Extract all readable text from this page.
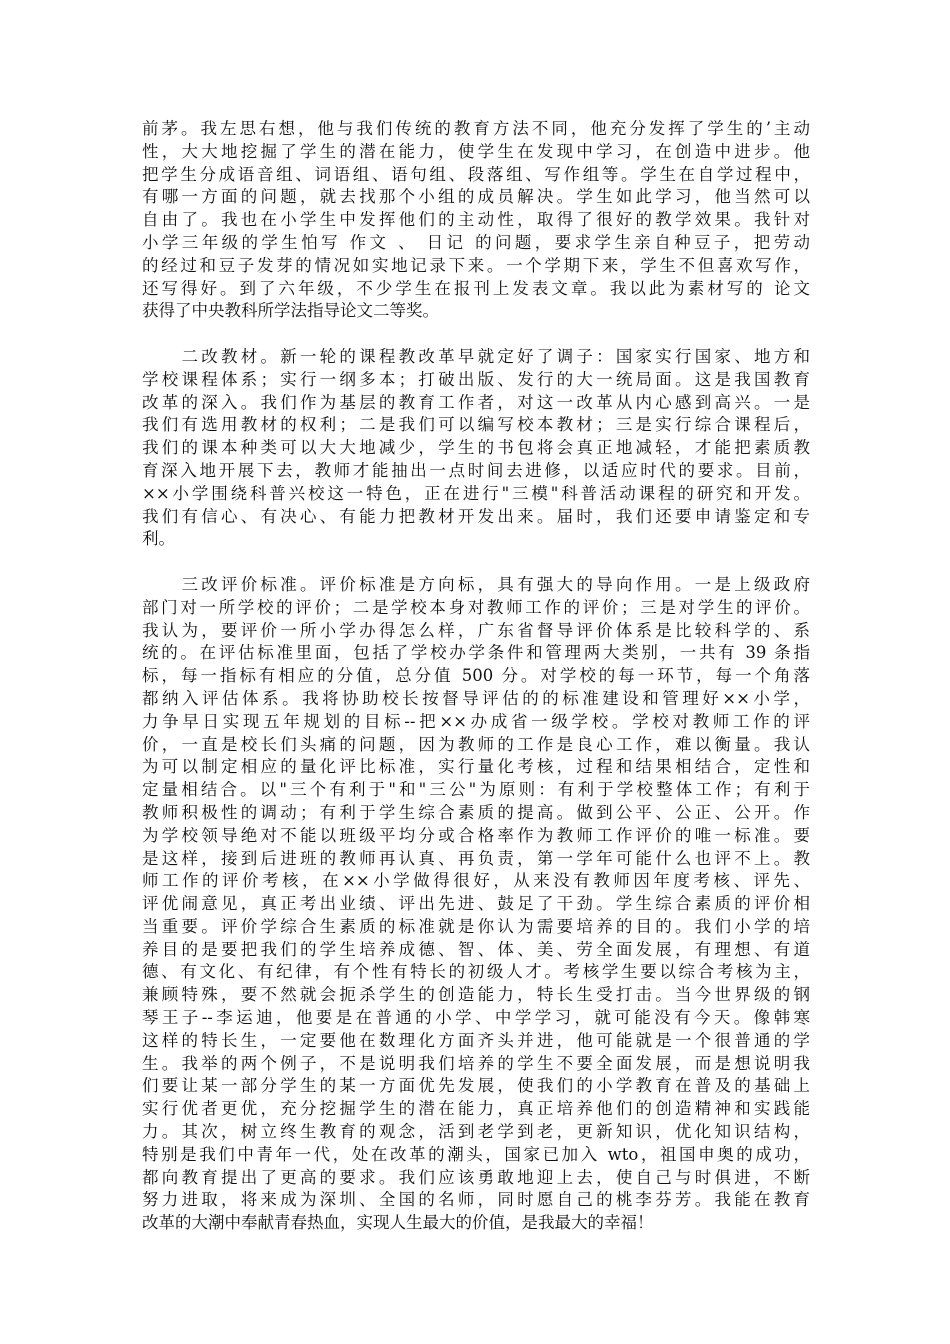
前茅。我左思右想，他与我们传统的教育方法不同，他充分发挥了学生的’主动
性，大大地挖掘了学生的潜在能力，使学生在发现中学习，在创造中进步。他
把学生分成语音组、词语组、语句组、段落组、写作组等。学生在自学过程中，
有哪一方面的问题，就去找那个小组的成员解决。学生如此学习，他当然可以
自由了。我也在小学生中发挥他们的主动性，取得了很好的教学效果。我针对
小学三年级的学生怕写 作文 、 日记 的问题，要求学生亲自种豆子，把劳动
的经过和豆子发芽的情况如实地记录下来。一个学期下来，学生不但喜欢写作，
还写得好。到了六年级，不少学生在报刊上发表文章。我以此为素材写的 论文
获得了中央教科所学法指导论文二等奖。
　　二改教材。新一轮的课程教改革早就定好了调子：国家实行国家、地方和
学校课程体系；实行一纲多本；打破出版、发行的大一统局面。这是我国教育
改革的深入。我们作为基层的教育工作者，对这一改革从内心感到高兴。一是
我们有选用教材的权利；二是我们可以编写校本教材；三是实行综合课程后，
我们的课本种类可以大大地减少，学生的书包将会真正地减轻，才能把素质教
育深入地开展下去，教师才能抽出一点时间去进修，以适应时代的要求。目前，
××小学围绕科普兴校这一特色，正在进行"三模"科普活动课程的研究和开发。
我们有信心、有决心、有能力把教材开发出来。届时，我们还要申请鉴定和专
利。
　　三改评价标准。评价标准是方向标，具有强大的导向作用。一是上级政府
部门对一所学校的评价；二是学校本身对教师工作的评价；三是对学生的评价。
我认为，要评价一所小学办得怎么样，广东省督导评价体系是比较科学的、系
统的。在评估标准里面，包括了学校办学条件和管理两大类别，一共有 39 条指
标，每一指标有相应的分值，总分值 500 分。对学校的每一环节，每一个角落
都纳入评估体系。我将协助校长按督导评估的的标准建设和管理好××小学，
力争早日实现五年规划的目标--把××办成省一级学校。学校对教师工作的评
价，一直是校长们头痛的问题，因为教师的工作是良心工作，难以衡量。我认
为可以制定相应的量化评比标准，实行量化考核，过程和结果相结合，定性和
定量相结合。以"三个有利于"和"三公"为原则：有利于学校整体工作；有利于
教师积极性的调动；有利于学生综合素质的提高。做到公平、公正、公开。作
为学校领导绝对不能以班级平均分或合格率作为教师工作评价的唯一标准。要
是这样，接到后进班的教师再认真、再负责，第一学年可能什么也评不上。教
师工作的评价考核，在××小学做得很好，从来没有教师因年度考核、评先、
评优闹意见，真正考出业绩、评出先进、鼓足了干劲。学生综合素质的评价相
当重要。评价学综合生素质的标准就是你认为需要培养的目的。我们小学的培
养目的是要把我们的学生培养成德、智、体、美、劳全面发展，有理想、有道
德、有文化、有纪律，有个性有特长的初级人才。考核学生要以综合考核为主，
兼顾特殊，要不然就会扼杀学生的创造能力，特长生受打击。当今世界级的钢
琴王子--李运迪，他要是在普通的小学、中学学习，就可能没有今天。像韩寒
这样的特长生，一定要他在数理化方面齐头并进，他可能就是一个很普通的学
生。我举的两个例子，不是说明我们培养的学生不要全面发展，而是想说明我
们要让某一部分学生的某一方面优先发展，使我们的小学教育在普及的基础上
实行优者更优，充分挖掘学生的潜在能力，真正培养他们的创造精神和实践能
力。其次，树立终生教育的观念，活到老学到老，更新知识，优化知识结构，
特别是我们中青年一代，处在改革的潮头，国家已加入 wto，祖国申奥的成功，
都向教育提出了更高的要求。我们应该勇敢地迎上去，使自己与时俱进，不断
努力进取，将来成为深圳、全国的名师，同时愿自己的桃李芬芳。我能在教育
改革的大潮中奉献青春热血，实现人生最大的价值，是我最大的幸福！
